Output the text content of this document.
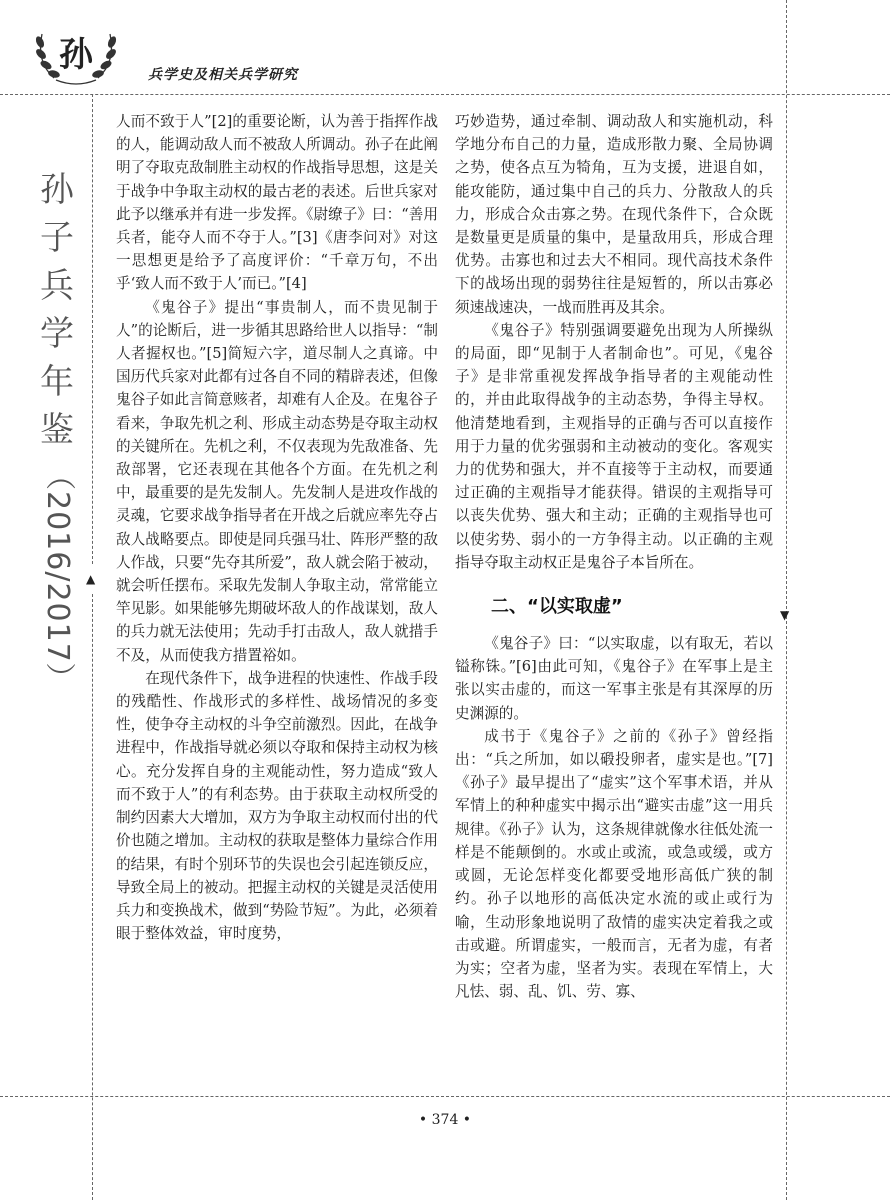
孙	兵学史及相关兵学研究
孙
子
兵
学
年
鉴
（2016/2017） ▲
▼

人而不致于人”[2]的重要论断，认为善于指挥作战的人，能调动敌人而不被敌人所调动。孙子在此阐明了夺取克敌制胜主动权的作战指导思想，这是关于战争中争取主动权的最古老的表述。后世兵家对此予以继承并有进一步发挥。《尉缭子》曰：“善用兵者，能夺人而不夺于人。”[3]《唐李问对》对这一思想更是给予了高度评价：“千章万句，不出乎‘致人而不致于人’而已。”[4]

《鬼谷子》提出“事贵制人，而不贵见制于人”的论断后，进一步循其思路给世人以指导：“制人者握权也。”[5]简短六字，道尽制人之真谛。中国历代兵家对此都有过各自不同的精辟表述，但像鬼谷子如此言简意赅者，却难有人企及。在鬼谷子看来，争取先机之利、形成主动态势是夺取主动权的关键所在。先机之利，不仅表现为先敌准备、先敌部署，它还表现在其他各个方面。在先机之利中，最重要的是先发制人。先发制人是进攻作战的灵魂，它要求战争指导者在开战之后就应率先夺占敌人战略要点。即使是同兵强马壮、阵形严整的敌人作战，只要“先夺其所爱”，敌人就会陷于被动，就会听任摆布。采取先发制人争取主动，常常能立竿见影。如果能够先期破坏敌人的作战谋划，敌人的兵力就无法使用；先动手打击敌人，敌人就措手不及，从而使我方措置裕如。

在现代条件下，战争进程的快速性、作战手段的残酷性、作战形式的多样性、战场情况的多变性，使争夺主动权的斗争空前激烈。因此，在战争进程中，作战指导就必须以夺取和保持主动权为核心。充分发挥自身的主观能动性，努力造成“致人而不致于人”的有利态势。由于获取主动权所受的制约因素大大增加，双方为争取主动权而付出的代价也随之增加。主动权的获取是整体力量综合作用的结果，有时个别环节的失误也会引起连锁反应，导致全局上的被动。把握主动权的关键是灵活使用兵力和变换战术，做到“势险节短”。为此，必须着眼于整体效益，审时度势，

巧妙造势，通过牵制、调动敌人和实施机动，科学地分布自己的力量，造成形散力聚、全局协调之势，使各点互为犄角，互为支援，进退自如，能攻能防，通过集中自己的兵力、分散敌人的兵力，形成合众击寡之势。在现代条件下，合众既是数量更是质量的集中，是量敌用兵，形成合理优势。击寡也和过去大不相同。现代高技术条件下的战场出现的弱势往往是短暂的，所以击寡必须速战速决，一战而胜再及其余。

《鬼谷子》特别强调要避免出现为人所操纵的局面，即“见制于人者制命也”。可见，《鬼谷子》是非常重视发挥战争指导者的主观能动性的，并由此取得战争的主动态势，争得主导权。他清楚地看到，主观指导的正确与否可以直接作用于力量的优劣强弱和主动被动的变化。客观实力的优势和强大，并不直接等于主动权，而要通过正确的主观指导才能获得。错误的主观指导可以丧失优势、强大和主动；正确的主观指导也可以使劣势、弱小的一方争得主动。以正确的主观指导夺取主动权正是鬼谷子本旨所在。

二、“以实取虚”

《鬼谷子》曰：“以实取虚，以有取无，若以镒称铢。”[6]由此可知，《鬼谷子》在军事上是主张以实击虚的，而这一军事主张是有其深厚的历史渊源的。

成书于《鬼谷子》之前的《孙子》曾经指出：“兵之所加，如以碫投卵者，虚实是也。”[7]《孙子》最早提出了“虚实”这个军事术语，并从军情上的种种虚实中揭示出“避实击虚”这一用兵规律。《孙子》认为，这条规律就像水往低处流一样是不能颠倒的。水或止或流，或急或缓，或方或圆，无论怎样变化都要受地形高低广狭的制约。孙子以地形的高低决定水流的或止或行为喻，生动形象地说明了敌情的虚实决定着我之或击或避。所谓虚实，一般而言，无者为虚，有者为实；空者为虚，坚者为实。表现在军情上，大凡怯、弱、乱、饥、劳、寡、

• 374 •
